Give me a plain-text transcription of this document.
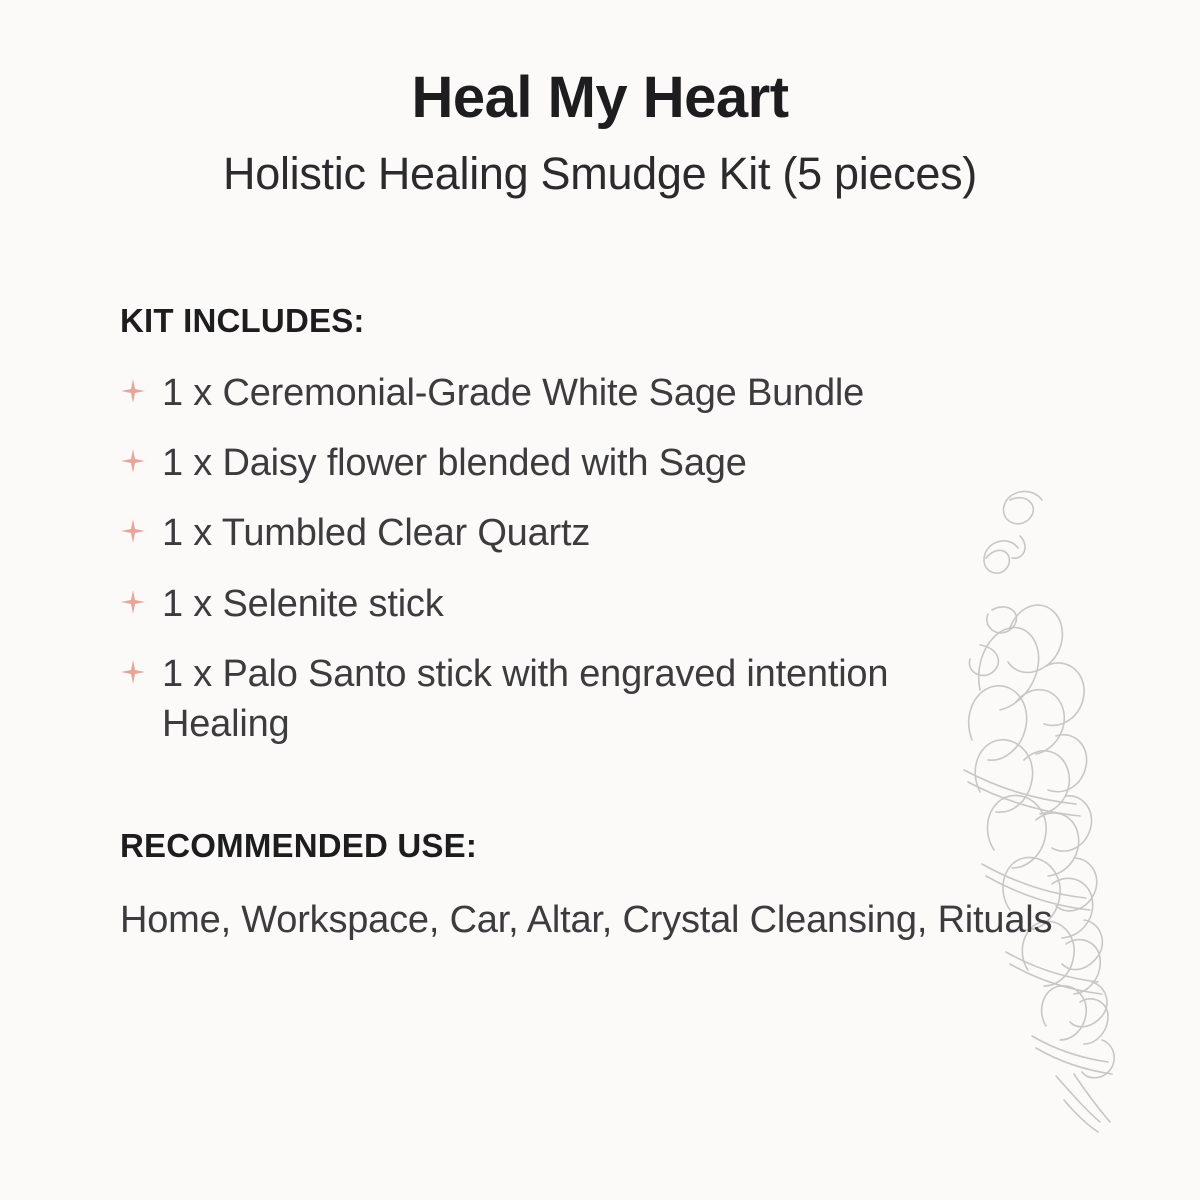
Heal My Heart
Holistic Healing Smudge Kit (5 pieces)
KIT INCLUDES:
1 x Ceremonial-Grade White Sage Bundle
1 x Daisy flower blended with Sage
1 x Tumbled Clear Quartz
1 x Selenite stick
1 x Palo Santo stick with engraved intention Healing
RECOMMENDED USE:

Home, Workspace, Car, Altar, Crystal Cleansing, Rituals
